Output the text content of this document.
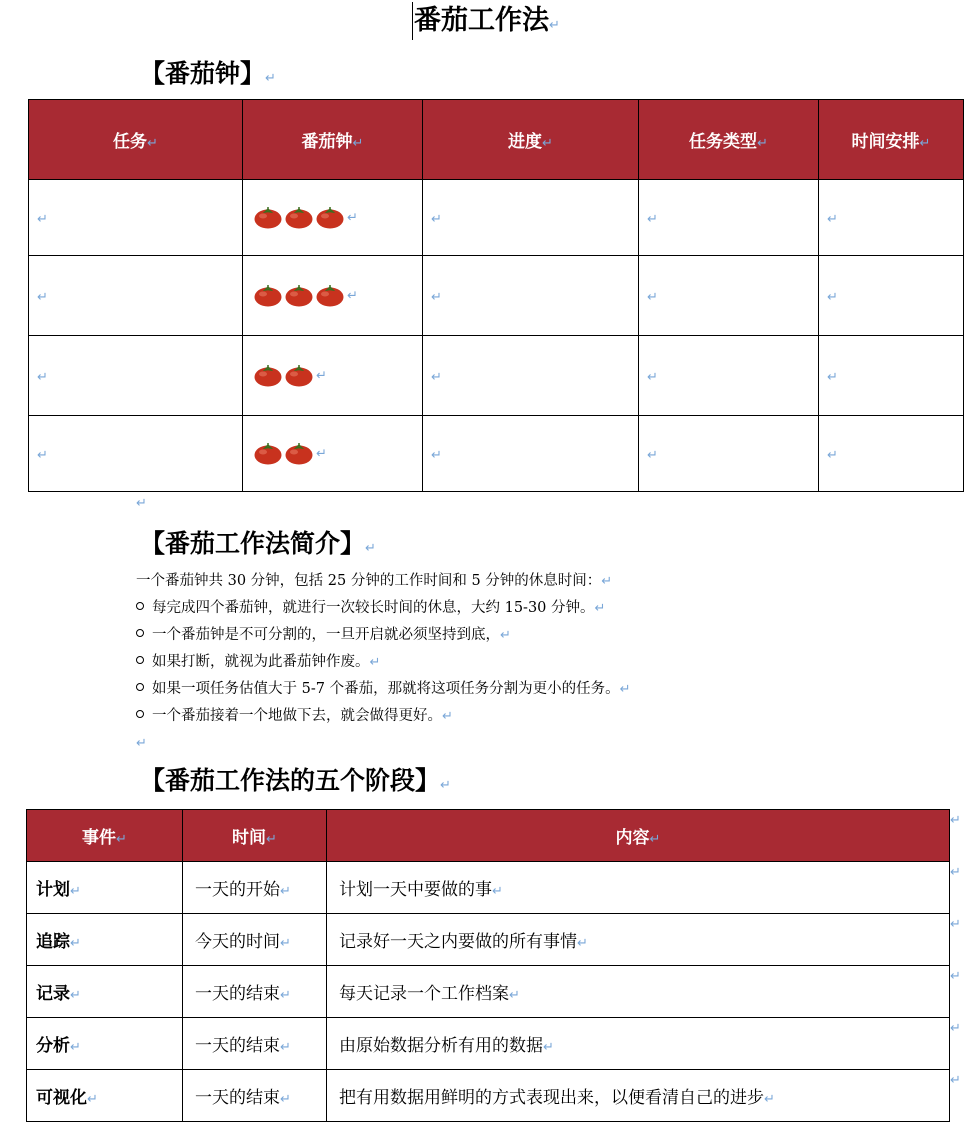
番茄工作法↵
【番茄钟】↵
任务↵	番茄钟↵	进度↵	任务类型↵	时间安排↵
↵	↵	↵	↵	↵
↵	↵	↵	↵	↵
↵	↵	↵	↵	↵
↵	↵	↵	↵	↵
↵
【番茄工作法简介】↵
一个番茄钟共 30 分钟，包括 25 分钟的工作时间和 5 分钟的休息时间：↵
每完成四个番茄钟，就进行一次较长时间的休息，大约 15-30 分钟。↵
一个番茄钟是不可分割的，一旦开启就必须坚持到底，↵
如果打断，就视为此番茄钟作废。↵
如果一项任务估值大于 5-7 个番茄，那就将这项任务分割为更小的任务。↵
一个番茄接着一个地做下去，就会做得更好。↵
↵
【番茄工作法的五个阶段】↵
事件↵	时间↵	内容↵
计划↵	一天的开始↵	计划一天中要做的事↵
追踪↵	今天的时间↵	记录好一天之内要做的所有事情↵
记录↵	一天的结束↵	每天记录一个工作档案↵
分析↵	一天的结束↵	由原始数据分析有用的数据↵
可视化↵	一天的结束↵	把有用数据用鲜明的方式表现出来，以便看清自己的进步↵
↵
↵
↵
↵
↵
↵
